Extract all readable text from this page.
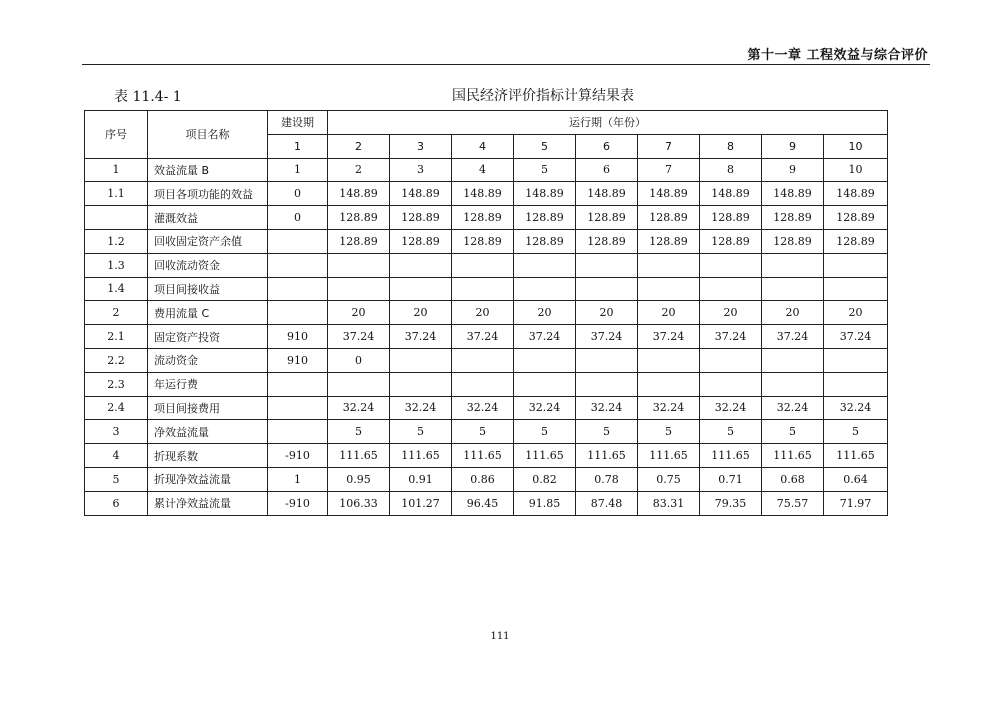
第十一章 工程效益与综合评价
表 11.4- 1	国民经济评价指标计算结果表
序号	项目名称	建设期	运行期（年份）								
		1	2	3	4	5	6	7	8	9	10
1	效益流量 B	1	2	3	4	5	6	7	8	9	10
1.1	项目各项功能的效益	0	148.89	148.89	148.89	148.89	148.89	148.89	148.89	148.89	148.89
	灌溉效益	0	128.89	128.89	128.89	128.89	128.89	128.89	128.89	128.89	128.89
1.2	回收固定资产余值		128.89	128.89	128.89	128.89	128.89	128.89	128.89	128.89	128.89
1.3	回收流动资金										
1.4	项目间接收益										
2	费用流量 C		20	20	20	20	20	20	20	20	20
2.1	固定资产投资	910	37.24	37.24	37.24	37.24	37.24	37.24	37.24	37.24	37.24
2.2	流动资金	910	0								
2.3	年运行费										
2.4	项目间接费用		32.24	32.24	32.24	32.24	32.24	32.24	32.24	32.24	32.24
3	净效益流量		5	5	5	5	5	5	5	5	5
4	折现系数	-910	111.65	111.65	111.65	111.65	111.65	111.65	111.65	111.65	111.65
5	折现净效益流量	1	0.95	0.91	0.86	0.82	0.78	0.75	0.71	0.68	0.64
6	累计净效益流量	-910	106.33	101.27	96.45	91.85	87.48	83.31	79.35	75.57	71.97
111
